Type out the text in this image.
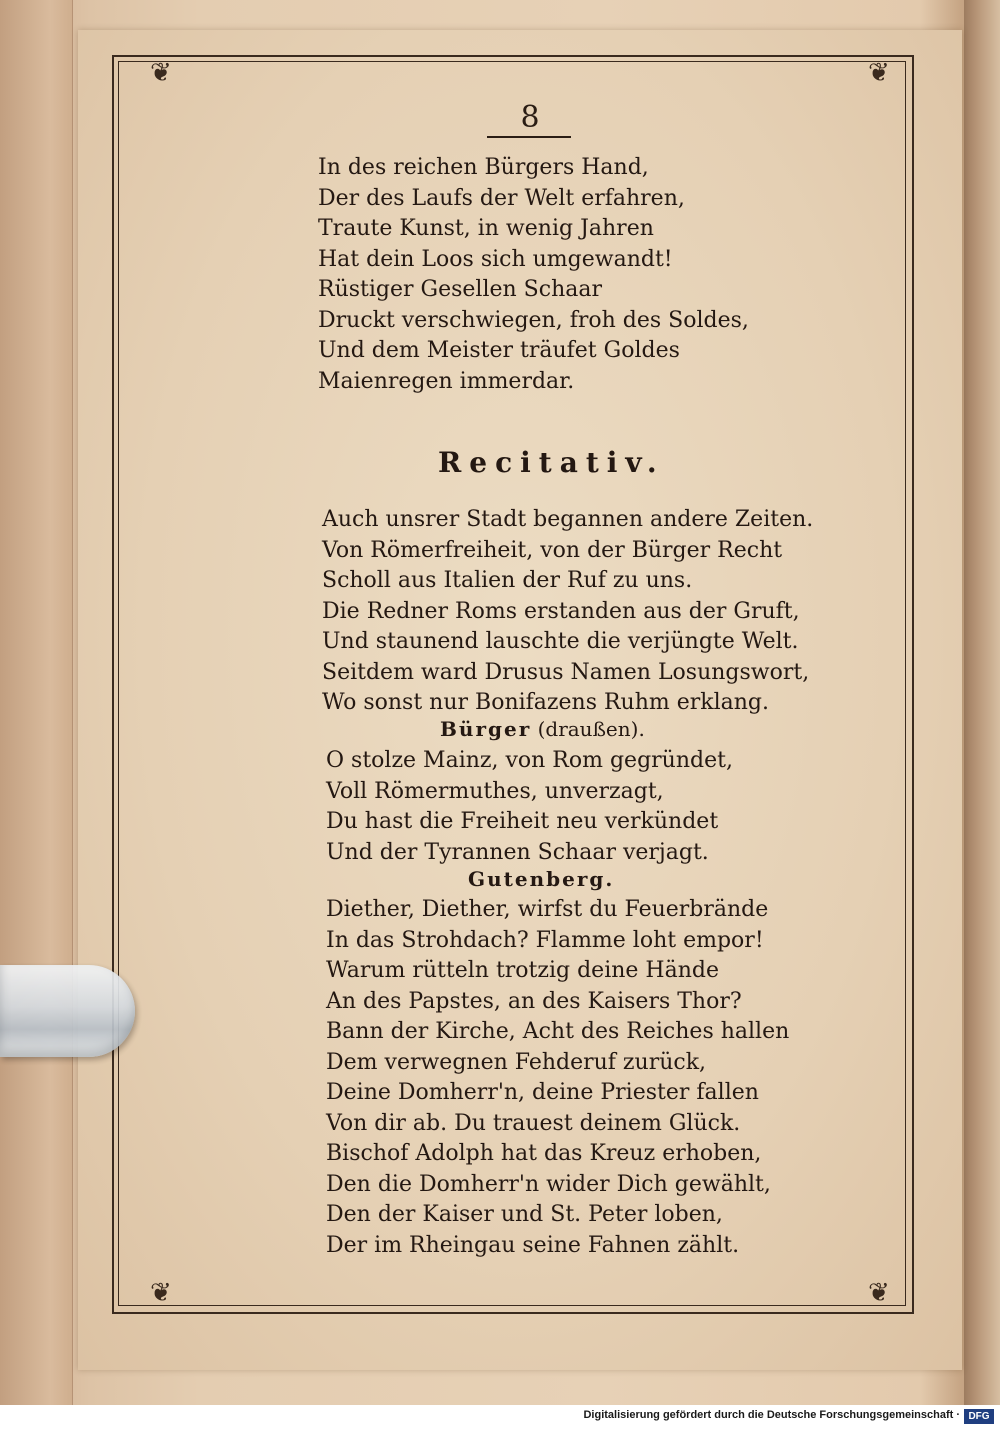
❦	❦
❦	❦
8
In des reichen Bürgers Hand,
Der des Laufs der Welt erfahren,
Traute Kunst, in wenig Jahren
Hat dein Loos sich umgewandt!
Rüstiger Gesellen Schaar
Druckt verschwiegen, froh des Soldes,
Und dem Meister träufet Goldes
Maienregen immerdar.
Recitativ.
Auch unsrer Stadt begannen andere Zeiten.
Von Römerfreiheit, von der Bürger Recht
Scholl aus Italien der Ruf zu uns.
Die Redner Roms erstanden aus der Gruft,
Und staunend lauschte die verjüngte Welt.
Seitdem ward Drusus Namen Losungswort,
Wo sonst nur Bonifazens Ruhm erklang.
Bürger (draußen).
O stolze Mainz, von Rom gegründet,
Voll Römermuthes, unverzagt,
Du hast die Freiheit neu verkündet
Und der Tyrannen Schaar verjagt.
Gutenberg.
Diether, Diether, wirfst du Feuerbrände
In das Strohdach? Flamme loht empor!
Warum rütteln trotzig deine Hände
An des Papstes, an des Kaisers Thor?
Bann der Kirche, Acht des Reiches hallen
Dem verwegnen Fehderuf zurück,
Deine Domherr'n, deine Priester fallen
Von dir ab. Du trauest deinem Glück.
Bischof Adolph hat das Kreuz erhoben,
Den die Domherr'n wider Dich gewählt,
Den der Kaiser und St. Peter loben,
Der im Rheingau seine Fahnen zählt.
Digitalisierung gefördert durch die Deutsche Forschungsgemeinschaft · DFG
